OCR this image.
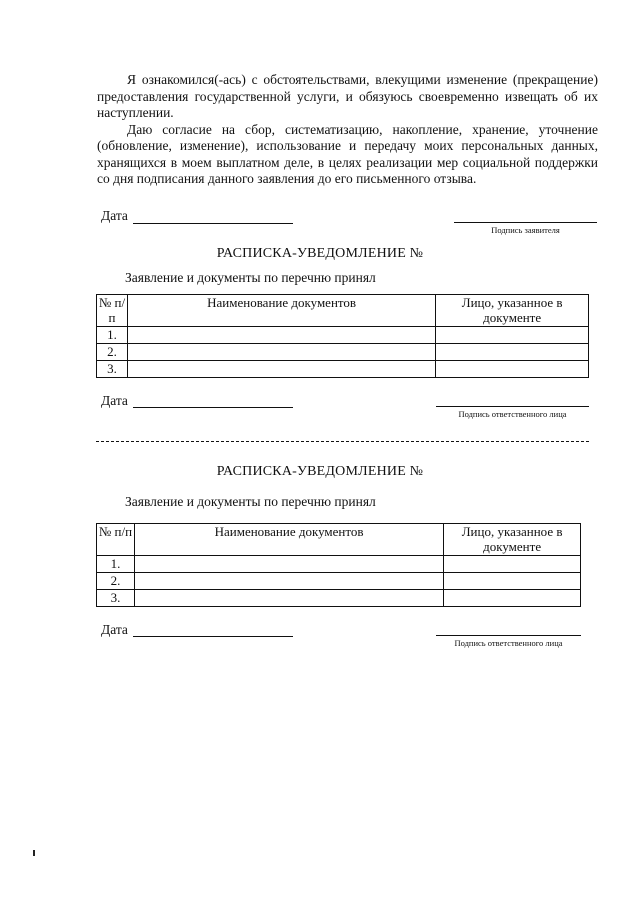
Я ознакомился(-ась) с обстоятельствами, влекущими изменение (прекращение) предоставления государственной услуги, и обязуюсь своевременно извещать об их наступлении.

Даю согласие на сбор, систематизацию, накопление, хранение, уточнение (обновление, изменение), использование и передачу моих персональных данных, хранящихся в моем выплатном деле, в целях реализации мер социальной поддержки со дня подписания данного заявления до его письменного отзыва.

Дата
Подпись заявителя
РАСПИСКА-УВЕДОМЛЕНИЕ №
Заявление и документы по перечню принял
№ п/п	Наименование документов	Лицо, указанное в документе
1.		
2.		
3.		
Дата
Подпись ответственного лица
РАСПИСКА-УВЕДОМЛЕНИЕ №
Заявление и документы по перечню принял
№ п/п	Наименование документов	Лицо, указанное в документе
1.		
2.		
3.		
Дата
Подпись ответственного лица
